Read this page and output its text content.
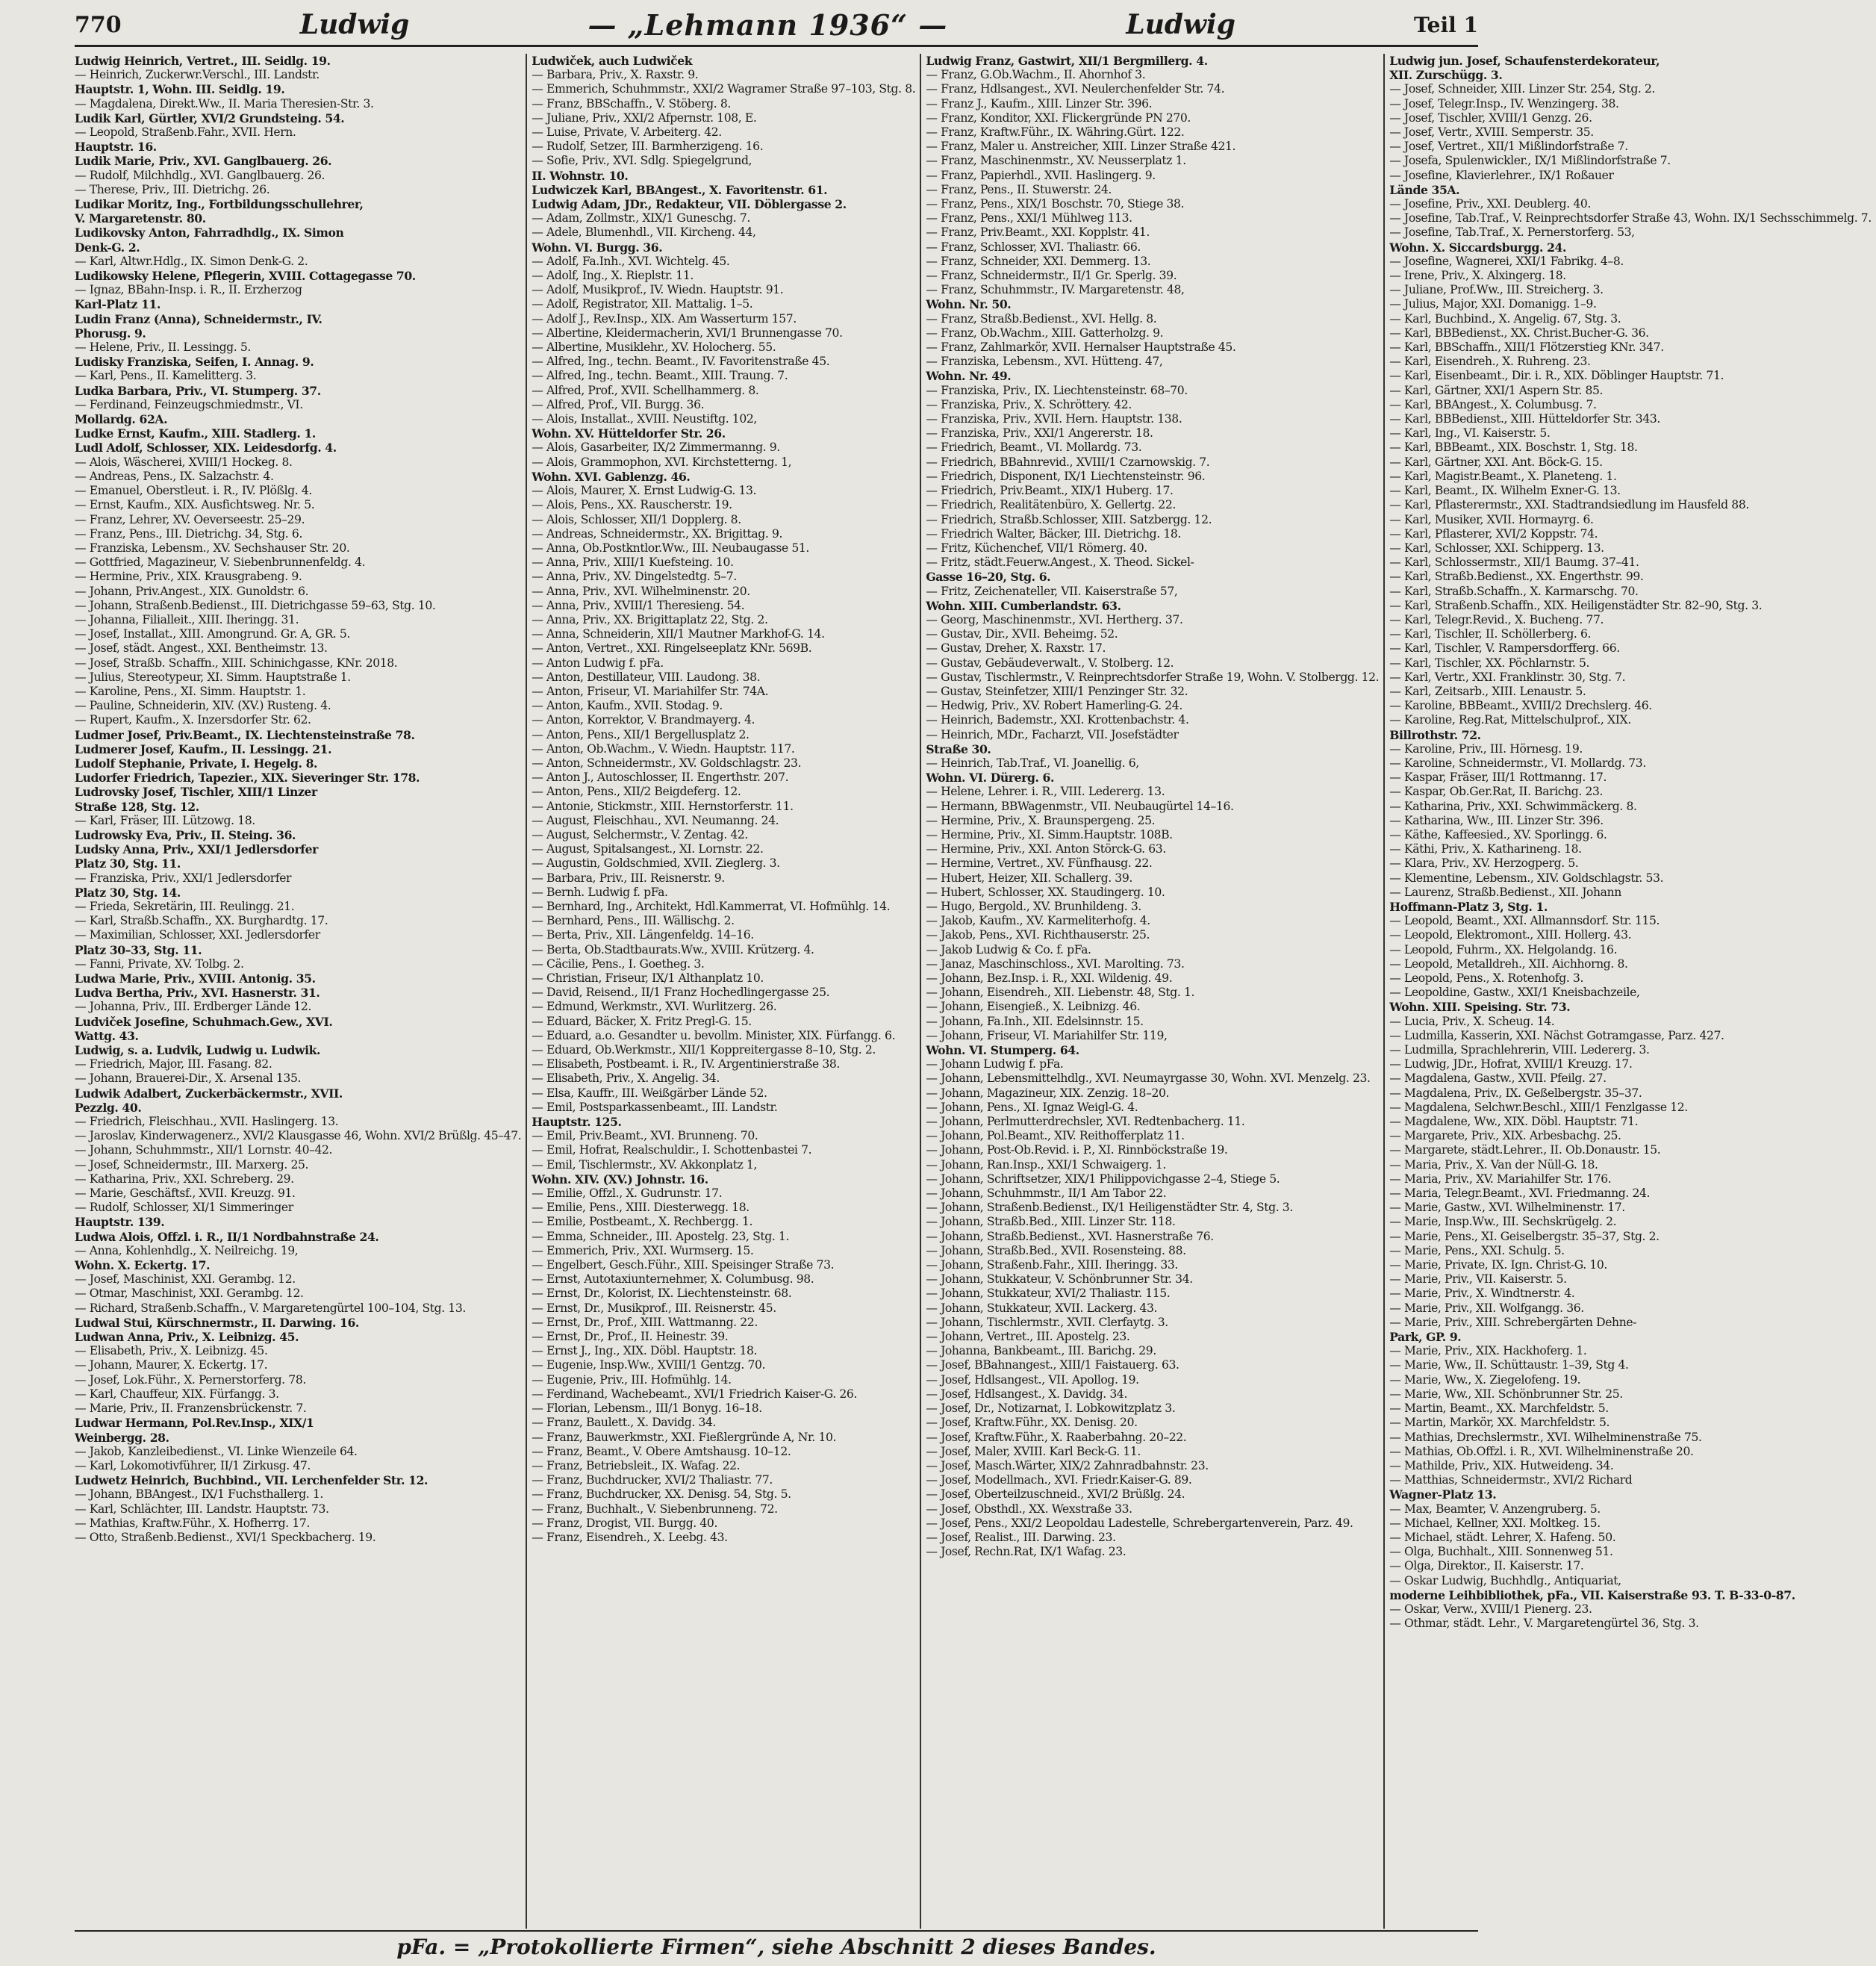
770	Ludwig	— „Lehmann 1936“ —	Ludwig	Teil 1
Ludwig Heinrich, Vertret., III. Seidlg. 19.
— Heinrich, Zuckerwr.Verschl., III. Landstr.
Hauptstr. 1, Wohn. III. Seidlg. 19.
— Magdalena, Direkt.Ww., II. Maria Theresien-Str. 3.
Ludik Karl, Gürtler, XVI/2 Grundsteing. 54.
— Leopold, Straßenb.Fahr., XVII. Hern.
Hauptstr. 16.
Ludik Marie, Priv., XVI. Ganglbauerg. 26.
— Rudolf, Milchhdlg., XVI. Ganglbauerg. 26.
— Therese, Priv., III. Dietrichg. 26.
Ludikar Moritz, Ing., Fortbildungsschullehrer,
V. Margaretenstr. 80.
Ludikovsky Anton, Fahrradhdlg., IX. Simon
Denk-G. 2.
— Karl, Altwr.Hdlg., IX. Simon Denk-G. 2.
Ludikowsky Helene, Pflegerin, XVIII. Cottagegasse 70.
— Ignaz, BBahn-Insp. i. R., II. Erzherzog
Karl-Platz 11.
Ludin Franz (Anna), Schneidermstr., IV.
Phorusg. 9.
— Helene, Priv., II. Lessingg. 5.
Ludisky Franziska, Seifen, I. Annag. 9.
— Karl, Pens., II. Kamelitterg. 3.
Ludka Barbara, Priv., VI. Stumperg. 37.
— Ferdinand, Feinzeugschmiedmstr., VI.
Mollardg. 62A.
Ludke Ernst, Kaufm., XIII. Stadlerg. 1.
Ludl Adolf, Schlosser, XIX. Leidesdorfg. 4.
— Alois, Wäscherei, XVIII/1 Hockeg. 8.
— Andreas, Pens., IX. Salzachstr. 4.
— Emanuel, Oberstleut. i. R., IV. Plößlg. 4.
— Ernst, Kaufm., XIX. Ausfichtsweg. Nr. 5.
— Franz, Lehrer, XV. Oeverseestr. 25–29.
— Franz, Pens., III. Dietrichg. 34, Stg. 6.
— Franziska, Lebensm., XV. Sechshauser Str. 20.
— Gottfried, Magazineur, V. Siebenbrunnenfeldg. 4.
— Hermine, Priv., XIX. Krausgrabeng. 9.
— Johann, Priv.Angest., XIX. Gunoldstr. 6.
— Johann, Straßenb.Bedienst., III. Dietrichgasse 59–63, Stg. 10.
— Johanna, Filialleit., XIII. Iheringg. 31.
— Josef, Installat., XIII. Amongrund. Gr. A, GR. 5.
— Josef, städt. Angest., XXI. Bentheimstr. 13.
— Josef, Straßb. Schaffn., XIII. Schinichgasse, KNr. 2018.
— Julius, Stereotypeur, XI. Simm. Hauptstraße 1.
— Karoline, Pens., XI. Simm. Hauptstr. 1.
— Pauline, Schneiderin, XIV. (XV.) Rusteng. 4.
— Rupert, Kaufm., X. Inzersdorfer Str. 62.
Ludmer Josef, Priv.Beamt., IX. Liechtensteinstraße 78.
Ludmerer Josef, Kaufm., II. Lessingg. 21.
Ludolf Stephanie, Private, I. Hegelg. 8.
Ludorfer Friedrich, Tapezier., XIX. Sieveringer Str. 178.
Ludrovsky Josef, Tischler, XIII/1 Linzer
Straße 128, Stg. 12.
— Karl, Fräser, III. Lützowg. 18.
Ludrowsky Eva, Priv., II. Steing. 36.
Ludsky Anna, Priv., XXI/1 Jedlersdorfer
Platz 30, Stg. 11.
— Franziska, Priv., XXI/1 Jedlersdorfer
Platz 30, Stg. 14.
— Frieda, Sekretärin, III. Reulingg. 21.
— Karl, Straßb.Schaffn., XX. Burghardtg. 17.
— Maximilian, Schlosser, XXI. Jedlersdorfer
Platz 30–33, Stg. 11.
— Fanni, Private, XV. Tolbg. 2.
Ludwa Marie, Priv., XVIII. Antonig. 35.
Ludva Bertha, Priv., XVI. Hasnerstr. 31.
— Johanna, Priv., III. Erdberger Lände 12.
Ludviček Josefine, Schuhmach.Gew., XVI.
Wattg. 43.
Ludwig, s. a. Ludvik, Ludwig u. Ludwik.
— Friedrich, Major, III. Fasang. 82.
— Johann, Brauerei-Dir., X. Arsenal 135.
Ludwik Adalbert, Zuckerbäckermstr., XVII.
Pezzlg. 40.
— Friedrich, Fleischhau., XVII. Haslingerg. 13.
— Jaroslav, Kinderwagenerz., XVI/2 Klausgasse 46, Wohn. XVI/2 Brüßlg. 45–47.
— Johann, Schuhmmstr., XII/1 Lornstr. 40–42.
— Josef, Schneidermstr., III. Marxerg. 25.
— Katharina, Priv., XXI. Schreberg. 29.
— Marie, Geschäftsf., XVII. Kreuzg. 91.
— Rudolf, Schlosser, XI/1 Simmeringer
Hauptstr. 139.
Ludwa Alois, Offzl. i. R., II/1 Nordbahnstraße 24.
— Anna, Kohlenhdlg., X. Neilreichg. 19,
Wohn. X. Eckertg. 17.
— Josef, Maschinist, XXI. Gerambg. 12.
— Otmar, Maschinist, XXI. Gerambg. 12.
— Richard, Straßenb.Schaffn., V. Margaretengürtel 100–104, Stg. 13.
Ludwal Stui, Kürschnermstr., II. Darwing. 16.
Ludwan Anna, Priv., X. Leibnizg. 45.
— Elisabeth, Priv., X. Leibnizg. 45.
— Johann, Maurer, X. Eckertg. 17.
— Josef, Lok.Führ., X. Pernerstorferg. 78.
— Karl, Chauffeur, XIX. Fürfangg. 3.
— Marie, Priv., II. Franzensbrückenstr. 7.
Ludwar Hermann, Pol.Rev.Insp., XIX/1
Weinbergg. 28.
— Jakob, Kanzleibedienst., VI. Linke Wienzeile 64.
— Karl, Lokomotivführer, II/1 Zirkusg. 47.
Ludwetz Heinrich, Buchbind., VII. Lerchenfelder Str. 12.
— Johann, BBAngest., IX/1 Fuchsthallerg. 1.
— Karl, Schlächter, III. Landstr. Hauptstr. 73.
— Mathias, Kraftw.Führ., X. Hofherrg. 17.
— Otto, Straßenb.Bedienst., XVI/1 Speckbacherg. 19.
Ludwiček, auch Ludwiček
— Barbara, Priv., X. Raxstr. 9.
— Emmerich, Schuhmmstr., XXI/2 Wagramer Straße 97–103, Stg. 8.
— Franz, BBSchaffn., V. Stöberg. 8.
— Juliane, Priv., XXI/2 Afpernstr. 108, E.
— Luise, Private, V. Arbeiterg. 42.
— Rudolf, Setzer, III. Barmherzigeng. 16.
— Sofie, Priv., XVI. Sdlg. Spiegelgrund,
II. Wohnstr. 10.
Ludwiczek Karl, BBAngest., X. Favoritenstr. 61.
Ludwig Adam, JDr., Redakteur, VII. Döblergasse 2.
— Adam, Zollmstr., XIX/1 Guneschg. 7.
— Adele, Blumenhdl., VII. Kircheng. 44,
Wohn. VI. Burgg. 36.
— Adolf, Fa.Inh., XVI. Wichtelg. 45.
— Adolf, Ing., X. Rieplstr. 11.
— Adolf, Musikprof., IV. Wiedn. Hauptstr. 91.
— Adolf, Registrator, XII. Mattalig. 1–5.
— Adolf J., Rev.Insp., XIX. Am Wasserturm 157.
— Albertine, Kleidermacherin, XVI/1 Brunnengasse 70.
— Albertine, Musiklehr., XV. Holocherg. 55.
— Alfred, Ing., techn. Beamt., IV. Favoritenstraße 45.
— Alfred, Ing., techn. Beamt., XIII. Traung. 7.
— Alfred, Prof., XVII. Schellhammerg. 8.
— Alfred, Prof., VII. Burgg. 36.
— Alois, Installat., XVIII. Neustiftg. 102,
Wohn. XV. Hütteldorfer Str. 26.
— Alois, Gasarbeiter, IX/2 Zimmermanng. 9.
— Alois, Grammophon, XVI. Kirchstetterng. 1,
Wohn. XVI. Gablenzg. 46.
— Alois, Maurer, X. Ernst Ludwig-G. 13.
— Alois, Pens., XX. Rauscherstr. 19.
— Alois, Schlosser, XII/1 Dopplerg. 8.
— Andreas, Schneidermstr., XX. Brigittag. 9.
— Anna, Ob.Postkntlor.Ww., III. Neubaugasse 51.
— Anna, Priv., XIII/1 Kuefsteing. 10.
— Anna, Priv., XV. Dingelstedtg. 5–7.
— Anna, Priv., XVI. Wilhelminenstr. 20.
— Anna, Priv., XVIII/1 Theresieng. 54.
— Anna, Priv., XX. Brigittaplatz 22, Stg. 2.
— Anna, Schneiderin, XII/1 Mautner Markhof-G. 14.
— Anton, Vertret., XXI. Ringelseeplatz KNr. 569B.
— Anton Ludwig f. pFa.
— Anton, Destillateur, VIII. Laudong. 38.
— Anton, Friseur, VI. Mariahilfer Str. 74A.
— Anton, Kaufm., XVII. Stodag. 9.
— Anton, Korrektor, V. Brandmayerg. 4.
— Anton, Pens., XII/1 Bergellusplatz 2.
— Anton, Ob.Wachm., V. Wiedn. Hauptstr. 117.
— Anton, Schneidermstr., XV. Goldschlagstr. 23.
— Anton J., Autoschlosser, II. Engerthstr. 207.
— Anton, Pens., XII/2 Beigdeferg. 12.
— Antonie, Stickmstr., XIII. Hernstorferstr. 11.
— August, Fleischhau., XVI. Neumanng. 24.
— August, Selchermstr., V. Zentag. 42.
— August, Spitalsangest., XI. Lornstr. 22.
— Augustin, Goldschmied, XVII. Zieglerg. 3.
— Barbara, Priv., III. Reisnerstr. 9.
— Bernh. Ludwig f. pFa.
— Bernhard, Ing., Architekt, Hdl.Kammerrat, VI. Hofmühlg. 14.
— Bernhard, Pens., III. Wällischg. 2.
— Berta, Priv., XII. Längenfeldg. 14–16.
— Berta, Ob.Stadtbaurats.Ww., XVIII. Krützerg. 4.
— Cäcilie, Pens., I. Goetheg. 3.
— Christian, Friseur, IX/1 Althanplatz 10.
— David, Reisend., II/1 Franz Hochedlingergasse 25.
— Edmund, Werkmstr., XVI. Wurlitzerg. 26.
— Eduard, Bäcker, X. Fritz Pregl-G. 15.
— Eduard, a.o. Gesandter u. bevollm. Minister, XIX. Fürfangg. 6.
— Eduard, Ob.Werkmstr., XII/1 Koppreitergasse 8–10, Stg. 2.
— Elisabeth, Postbeamt. i. R., IV. Argentinierstraße 38.
— Elisabeth, Priv., X. Angelig. 34.
— Elsa, Kauffr., III. Weißgärber Lände 52.
— Emil, Postsparkassenbeamt., III. Landstr.
Hauptstr. 125.
— Emil, Priv.Beamt., XVI. Brunneng. 70.
— Emil, Hofrat, Realschuldir., I. Schottenbastei 7.
— Emil, Tischlermstr., XV. Akkonplatz 1,
Wohn. XIV. (XV.) Johnstr. 16.
— Emilie, Offzl., X. Gudrunstr. 17.
— Emilie, Pens., XIII. Diesterwegg. 18.
— Emilie, Postbeamt., X. Rechbergg. 1.
— Emma, Schneider., III. Apostelg. 23, Stg. 1.
— Emmerich, Priv., XXI. Wurmserg. 15.
— Engelbert, Gesch.Führ., XIII. Speisinger Straße 73.
— Ernst, Autotaxiunternehmer, X. Columbusg. 98.
— Ernst, Dr., Kolorist, IX. Liechtensteinstr. 68.
— Ernst, Dr., Musikprof., III. Reisnerstr. 45.
— Ernst, Dr., Prof., XIII. Wattmanng. 22.
— Ernst, Dr., Prof., II. Heinestr. 39.
— Ernst J., Ing., XIX. Döbl. Hauptstr. 18.
— Eugenie, Insp.Ww., XVIII/1 Gentzg. 70.
— Eugenie, Priv., III. Hofmühlg. 14.
— Ferdinand, Wachebeamt., XVI/1 Friedrich Kaiser-G. 26.
— Florian, Lebensm., III/1 Bonyg. 16–18.
— Franz, Baulett., X. Davidg. 34.
— Franz, Bauwerkmstr., XXI. Fießlergründe A, Nr. 10.
— Franz, Beamt., V. Obere Amtshausg. 10–12.
— Franz, Betriebsleit., IX. Wafag. 22.
— Franz, Buchdrucker, XVI/2 Thaliastr. 77.
— Franz, Buchdrucker, XX. Denisg. 54, Stg. 5.
— Franz, Buchhalt., V. Siebenbrunneng. 72.
— Franz, Drogist, VII. Burgg. 40.
— Franz, Eisendreh., X. Leebg. 43.
Ludwig Franz, Gastwirt, XII/1 Bergmillerg. 4.
— Franz, G.Ob.Wachm., II. Ahornhof 3.
— Franz, Hdlsangest., XVI. Neulerchenfelder Str. 74.
— Franz J., Kaufm., XIII. Linzer Str. 396.
— Franz, Konditor, XXI. Flickergründe PN 270.
— Franz, Kraftw.Führ., IX. Währing.Gürt. 122.
— Franz, Maler u. Anstreicher, XIII. Linzer Straße 421.
— Franz, Maschinenmstr., XV. Neusserplatz 1.
— Franz, Papierhdl., XVII. Haslingerg. 9.
— Franz, Pens., II. Stuwerstr. 24.
— Franz, Pens., XIX/1 Boschstr. 70, Stiege 38.
— Franz, Pens., XXI/1 Mühlweg 113.
— Franz, Priv.Beamt., XXI. Kopplstr. 41.
— Franz, Schlosser, XVI. Thaliastr. 66.
— Franz, Schneider, XXI. Demmerg. 13.
— Franz, Schneidermstr., II/1 Gr. Sperlg. 39.
— Franz, Schuhmmstr., IV. Margaretenstr. 48,
Wohn. Nr. 50.
— Franz, Straßb.Bedienst., XVI. Hellg. 8.
— Franz, Ob.Wachm., XIII. Gatterholzg. 9.
— Franz, Zahlmarkör, XVII. Hernalser Hauptstraße 45.
— Franziska, Lebensm., XVI. Hütteng. 47,
Wohn. Nr. 49.
— Franziska, Priv., IX. Liechtensteinstr. 68–70.
— Franziska, Priv., X. Schröttery. 42.
— Franziska, Priv., XVII. Hern. Hauptstr. 138.
— Franziska, Priv., XXI/1 Angererstr. 18.
— Friedrich, Beamt., VI. Mollardg. 73.
— Friedrich, BBahnrevid., XVIII/1 Czarnowskig. 7.
— Friedrich, Disponent, IX/1 Liechtensteinstr. 96.
— Friedrich, Priv.Beamt., XIX/1 Huberg. 17.
— Friedrich, Realitätenbüro, X. Gellertg. 22.
— Friedrich, Straßb.Schlosser, XIII. Satzbergg. 12.
— Friedrich Walter, Bäcker, III. Dietrichg. 18.
— Fritz, Küchenchef, VII/1 Römerg. 40.
— Fritz, städt.Feuerw.Angest., X. Theod. Sickel-
Gasse 16–20, Stg. 6.
— Fritz, Zeichenateller, VII. Kaiserstraße 57,
Wohn. XIII. Cumberlandstr. 63.
— Georg, Maschinenmstr., XVI. Hertherg. 37.
— Gustav, Dir., XVII. Beheimg. 52.
— Gustav, Dreher, X. Raxstr. 17.
— Gustav, Gebäudeverwalt., V. Stolberg. 12.
— Gustav, Tischlermstr., V. Reinprechtsdorfer Straße 19, Wohn. V. Stolbergg. 12.
— Gustav, Steinfetzer, XIII/1 Penzinger Str. 32.
— Hedwig, Priv., XV. Robert Hamerling-G. 24.
— Heinrich, Bademstr., XXI. Krottenbachstr. 4.
— Heinrich, MDr., Facharzt, VII. Josefstädter
Straße 30.
— Heinrich, Tab.Traf., VI. Joanellig. 6,
Wohn. VI. Dürerg. 6.
— Helene, Lehrer. i. R., VIII. Ledererg. 13.
— Hermann, BBWagenmstr., VII. Neubaugürtel 14–16.
— Hermine, Priv., X. Braunspergeng. 25.
— Hermine, Priv., XI. Simm.Hauptstr. 108B.
— Hermine, Priv., XXI. Anton Störck-G. 63.
— Hermine, Vertret., XV. Fünfhausg. 22.
— Hubert, Heizer, XII. Schallerg. 39.
— Hubert, Schlosser, XX. Staudingerg. 10.
— Hugo, Bergold., XV. Brunhildeng. 3.
— Jakob, Kaufm., XV. Karmeliterhofg. 4.
— Jakob, Pens., XVI. Richthauserstr. 25.
— Jakob Ludwig & Co. f. pFa.
— Janaz, Maschinschloss., XVI. Marolting. 73.
— Johann, Bez.Insp. i. R., XXI. Wildenig. 49.
— Johann, Eisendreh., XII. Liebenstr. 48, Stg. 1.
— Johann, Eisengieß., X. Leibnizg. 46.
— Johann, Fa.Inh., XII. Edelsinnstr. 15.
— Johann, Friseur, VI. Mariahilfer Str. 119,
Wohn. VI. Stumperg. 64.
— Johann Ludwig f. pFa.
— Johann, Lebensmittelhdlg., XVI. Neumayrgasse 30, Wohn. XVI. Menzelg. 23.
— Johann, Magazineur, XIX. Zenzig. 18–20.
— Johann, Pens., XI. Ignaz Weigl-G. 4.
— Johann, Perlmutterdrechsler, XVI. Redtenbacherg. 11.
— Johann, Pol.Beamt., XIV. Reithofferplatz 11.
— Johann, Post-Ob.Revid. i. P., XI. Rinnböckstraße 19.
— Johann, Ran.Insp., XXI/1 Schwaigerg. 1.
— Johann, Schriftsetzer, XIX/1 Philippovichgasse 2–4, Stiege 5.
— Johann, Schuhmmstr., II/1 Am Tabor 22.
— Johann, Straßenb.Bedienst., IX/1 Heiligenstädter Str. 4, Stg. 3.
— Johann, Straßb.Bed., XIII. Linzer Str. 118.
— Johann, Straßb.Bedienst., XVI. Hasnerstraße 76.
— Johann, Straßb.Bed., XVII. Rosensteing. 88.
— Johann, Straßenb.Fahr., XIII. Iheringg. 33.
— Johann, Stukkateur, V. Schönbrunner Str. 34.
— Johann, Stukkateur, XVI/2 Thaliastr. 115.
— Johann, Stukkateur, XVII. Lackerg. 43.
— Johann, Tischlermstr., XVII. Clerfaytg. 3.
— Johann, Vertret., III. Apostelg. 23.
— Johanna, Bankbeamt., III. Barichg. 29.
— Josef, BBahnangest., XIII/1 Faistauerg. 63.
— Josef, Hdlsangest., VII. Apollog. 19.
— Josef, Hdlsangest., X. Davidg. 34.
— Josef, Dr., Notizarnat, I. Lobkowitzplatz 3.
— Josef, Kraftw.Führ., XX. Denisg. 20.
— Josef, Kraftw.Führ., X. Raaberbahng. 20–22.
— Josef, Maler, XVIII. Karl Beck-G. 11.
— Josef, Masch.Wärter, XIX/2 Zahnradbahnstr. 23.
— Josef, Modellmach., XVI. Friedr.Kaiser-G. 89.
— Josef, Oberteilzuschneid., XVI/2 Brüßlg. 24.
— Josef, Obsthdl., XX. Wexstraße 33.
— Josef, Pens., XXI/2 Leopoldau Ladestelle, Schrebergartenverein, Parz. 49.
— Josef, Realist., III. Darwing. 23.
— Josef, Rechn.Rat, IX/1 Wafag. 23.
Ludwig jun. Josef, Schaufensterdekorateur,
XII. Zurschügg. 3.
— Josef, Schneider, XIII. Linzer Str. 254, Stg. 2.
— Josef, Telegr.Insp., IV. Wenzingerg. 38.
— Josef, Tischler, XVIII/1 Genzg. 26.
— Josef, Vertr., XVIII. Semperstr. 35.
— Josef, Vertret., XII/1 Mißlindorfstraße 7.
— Josefa, Spulenwickler., IX/1 Mißlindorfstraße 7.
— Josefine, Klavierlehrer., IX/1 Roßauer
Lände 35A.
— Josefine, Priv., XXI. Deublerg. 40.
— Josefine, Tab.Traf., V. Reinprechtsdorfer Straße 43, Wohn. IX/1 Sechsschimmelg. 7.
— Josefine, Tab.Traf., X. Pernerstorferg. 53,
Wohn. X. Siccardsburgg. 24.
— Josefine, Wagnerei, XXI/1 Fabrikg. 4–8.
— Irene, Priv., X. Alxingerg. 18.
— Juliane, Prof.Ww., III. Streicherg. 3.
— Julius, Major, XXI. Domanigg. 1–9.
— Karl, Buchbind., X. Angelig. 67, Stg. 3.
— Karl, BBBedienst., XX. Christ.Bucher-G. 36.
— Karl, BBSchaffn., XIII/1 Flötzerstieg KNr. 347.
— Karl, Eisendreh., X. Ruhreng. 23.
— Karl, Eisenbeamt., Dir. i. R., XIX. Döblinger Hauptstr. 71.
— Karl, Gärtner, XXI/1 Aspern Str. 85.
— Karl, BBAngest., X. Columbusg. 7.
— Karl, BBBedienst., XIII. Hütteldorfer Str. 343.
— Karl, Ing., VI. Kaiserstr. 5.
— Karl, BBBeamt., XIX. Boschstr. 1, Stg. 18.
— Karl, Gärtner, XXI. Ant. Böck-G. 15.
— Karl, Magistr.Beamt., X. Planeteng. 1.
— Karl, Beamt., IX. Wilhelm Exner-G. 13.
— Karl, Pflasterermstr., XXI. Stadtrandsiedlung im Hausfeld 88.
— Karl, Musiker, XVII. Hormayrg. 6.
— Karl, Pflasterer, XVI/2 Koppstr. 74.
— Karl, Schlosser, XXI. Schipperg. 13.
— Karl, Schlossermstr., XII/1 Baumg. 37–41.
— Karl, Straßb.Bedienst., XX. Engerthstr. 99.
— Karl, Straßb.Schaffn., X. Karmarschg. 70.
— Karl, Straßenb.Schaffn., XIX. Heiligenstädter Str. 82–90, Stg. 3.
— Karl, Telegr.Revid., X. Bucheng. 77.
— Karl, Tischler, II. Schöllerberg. 6.
— Karl, Tischler, V. Rampersdorfferg. 66.
— Karl, Tischler, XX. Pöchlarnstr. 5.
— Karl, Vertr., XXI. Franklinstr. 30, Stg. 7.
— Karl, Zeitsarb., XIII. Lenaustr. 5.
— Karoline, BBBeamt., XVIII/2 Drechslerg. 46.
— Karoline, Reg.Rat, Mittelschulprof., XIX.
Billrothstr. 72.
— Karoline, Priv., III. Hörnesg. 19.
— Karoline, Schneidermstr., VI. Mollardg. 73.
— Kaspar, Fräser, III/1 Rottmanng. 17.
— Kaspar, Ob.Ger.Rat, II. Barichg. 23.
— Katharina, Priv., XXI. Schwimmäckerg. 8.
— Katharina, Ww., III. Linzer Str. 396.
— Käthe, Kaffeesied., XV. Sporlingg. 6.
— Käthi, Priv., X. Katharineng. 18.
— Klara, Priv., XV. Herzogperg. 5.
— Klementine, Lebensm., XIV. Goldschlagstr. 53.
— Laurenz, Straßb.Bedienst., XII. Johann
Hoffmann-Platz 3, Stg. 1.
— Leopold, Beamt., XXI. Allmannsdorf. Str. 115.
— Leopold, Elektromont., XIII. Hollerg. 43.
— Leopold, Fuhrm., XX. Helgolandg. 16.
— Leopold, Metalldreh., XII. Aichhorng. 8.
— Leopold, Pens., X. Rotenhofg. 3.
— Leopoldine, Gastw., XXI/1 Kneisbachzeile,
Wohn. XIII. Speising. Str. 73.
— Lucia, Priv., X. Scheug. 14.
— Ludmilla, Kasserin, XXI. Nächst Gotramgasse, Parz. 427.
— Ludmilla, Sprachlehrerin, VIII. Ledererg. 3.
— Ludwig, JDr., Hofrat, XVIII/1 Kreuzg. 17.
— Magdalena, Gastw., XVII. Pfeilg. 27.
— Magdalena, Priv., IX. Geßelbergstr. 35–37.
— Magdalena, Selchwr.Beschl., XIII/1 Fenzlgasse 12.
— Magdalene, Ww., XIX. Döbl. Hauptstr. 71.
— Margarete, Priv., XIX. Arbesbachg. 25.
— Margarete, städt.Lehrer., II. Ob.Donaustr. 15.
— Maria, Priv., X. Van der Nüll-G. 18.
— Maria, Priv., XV. Mariahilfer Str. 176.
— Maria, Telegr.Beamt., XVI. Friedmanng. 24.
— Marie, Gastw., XVI. Wilhelminenstr. 17.
— Marie, Insp.Ww., III. Sechskrügelg. 2.
— Marie, Pens., XI. Geiselbergstr. 35–37, Stg. 2.
— Marie, Pens., XXI. Schulg. 5.
— Marie, Private, IX. Ign. Christ-G. 10.
— Marie, Priv., VII. Kaiserstr. 5.
— Marie, Priv., X. Windtnerstr. 4.
— Marie, Priv., XII. Wolfgangg. 36.
— Marie, Priv., XIII. Schrebergärten Dehne-
Park, GP. 9.
— Marie, Priv., XIX. Hackhoferg. 1.
— Marie, Ww., II. Schüttaustr. 1–39, Stg 4.
— Marie, Ww., X. Ziegelofeng. 19.
— Marie, Ww., XII. Schönbrunner Str. 25.
— Martin, Beamt., XX. Marchfeldstr. 5.
— Martin, Markör, XX. Marchfeldstr. 5.
— Mathias, Drechslermstr., XVI. Wilhelminenstraße 75.
— Mathias, Ob.Offzl. i. R., XVI. Wilhelminenstraße 20.
— Mathilde, Priv., XIX. Hutweideng. 34.
— Matthias, Schneidermstr., XVI/2 Richard
Wagner-Platz 13.
— Max, Beamter, V. Anzengruberg. 5.
— Michael, Kellner, XXI. Moltkeg. 15.
— Michael, städt. Lehrer, X. Hafeng. 50.
— Olga, Buchhalt., XIII. Sonnenweg 51.
— Olga, Direktor., II. Kaiserstr. 17.
— Oskar Ludwig, Buchhdlg., Antiquariat,
moderne Leihbibliothek, pFa., VII. Kaiserstraße 93. T. B-33-0-87.
— Oskar, Verw., XVIII/1 Pienerg. 23.
— Othmar, städt. Lehr., V. Margaretengürtel 36, Stg. 3.
pFa. = „Protokollierte Firmen“, siehe Abschnitt 2 dieses Bandes.
